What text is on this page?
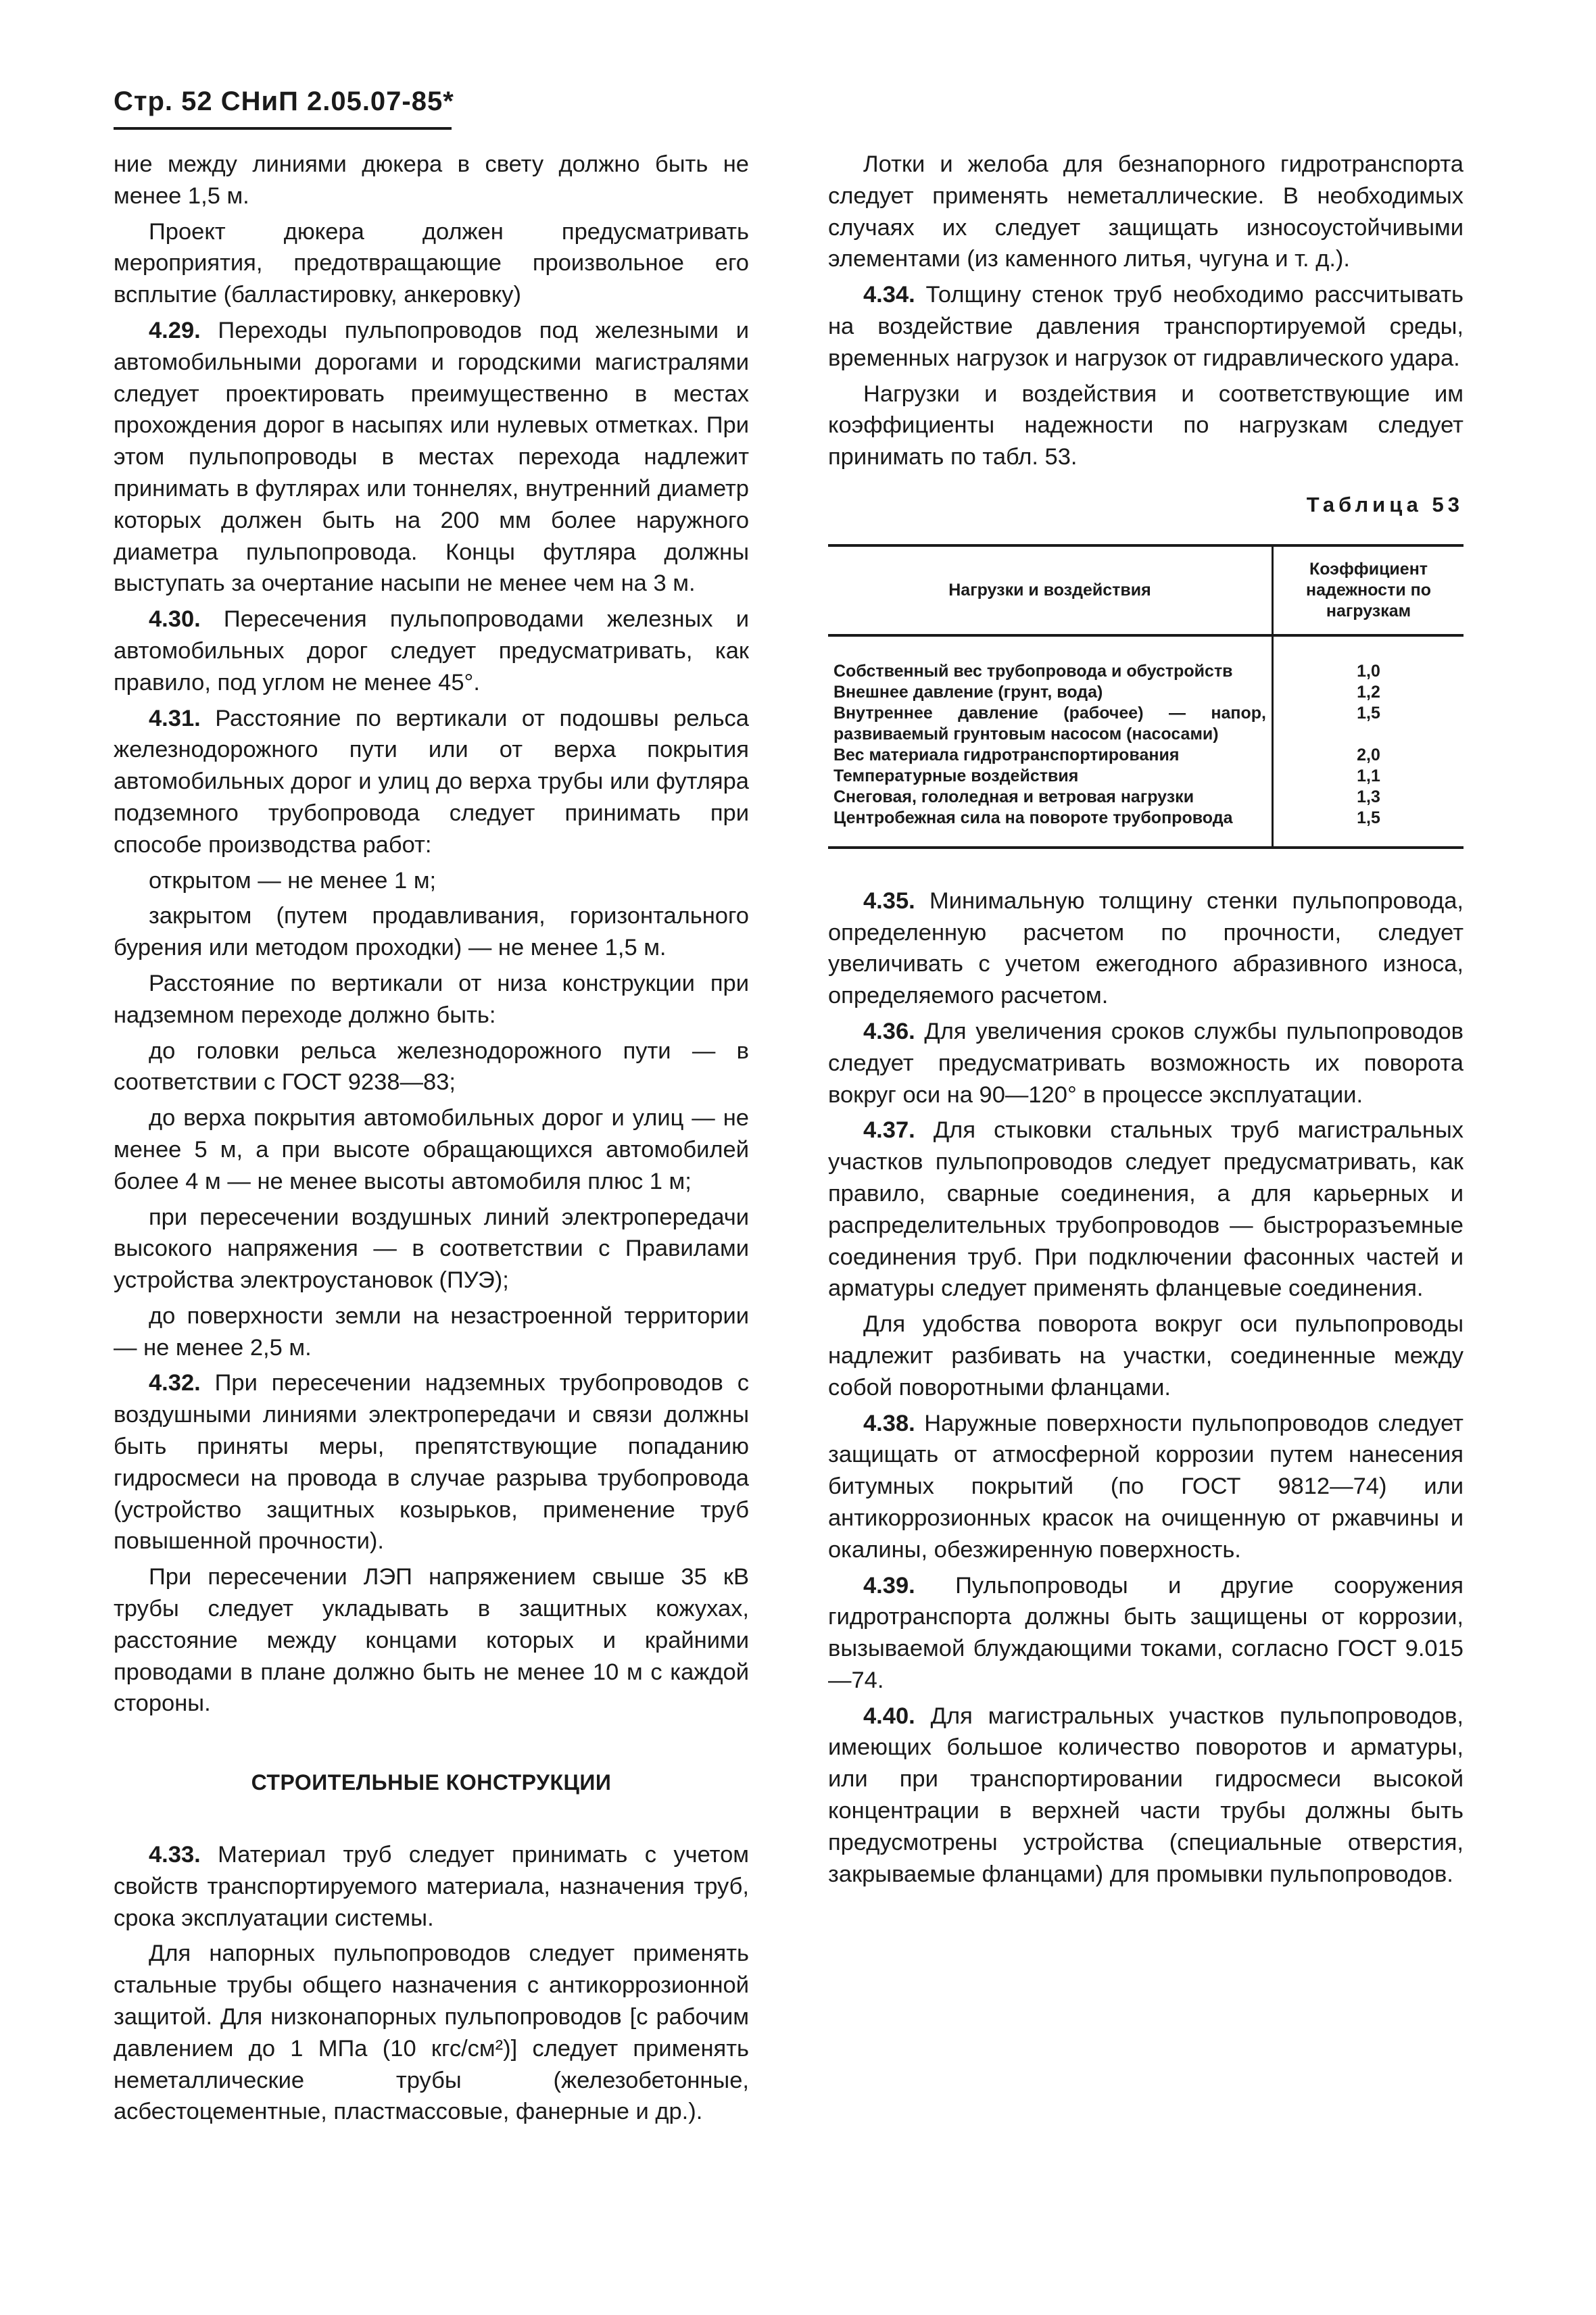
Стр. 52 СНиП 2.05.07-85*

ние между линиями дюкера в свету должно быть не менее 1,5 м.

Проект дюкера должен предусматривать мероприятия, предотвращающие произвольное его всплытие (балластировку, анкеровку)

4.29. Переходы пульпопроводов под железными и автомобильными дорогами и городскими магистралями следует проектировать преимущественно в местах прохождения дорог в насыпях или нулевых отметках. При этом пульпопроводы в местах перехода надлежит принимать в футлярах или тоннелях, внутренний диаметр которых должен быть на 200 мм более наружного диаметра пульпопровода. Концы футляра должны выступать за очертание насыпи не менее чем на 3 м.

4.30. Пересечения пульпопроводами железных и автомобильных дорог следует предусматривать, как правило, под углом не менее 45°.

4.31. Расстояние по вертикали от подошвы рельса железнодорожного пути или от верха покрытия автомобильных дорог и улиц до верха трубы или футляра подземного трубопровода следует принимать при способе производства работ:

открытом — не менее 1 м;

закрытом (путем продавливания, горизонтального бурения или методом проходки) — не менее 1,5 м.

Расстояние по вертикали от низа конструкции при надземном переходе должно быть:

до головки рельса железнодорожного пути — в соответствии с ГОСТ 9238—83;

до верха покрытия автомобильных дорог и улиц — не менее 5 м, а при высоте обращающихся автомобилей более 4 м — не менее высоты автомобиля плюс 1 м;

при пересечении воздушных линий электропередачи высокого напряжения — в соответствии с Правилами устройства электроустановок (ПУЭ);

до поверхности земли на незастроенной территории — не менее 2,5 м.

4.32. При пересечении надземных трубопроводов с воздушными линиями электропередачи и связи должны быть приняты меры, препятствующие попаданию гидросмеси на провода в случае разрыва трубопровода (устройство защитных козырьков, применение труб повышенной прочности).

При пересечении ЛЭП напряжением свыше 35 кВ трубы следует укладывать в защитных кожухах, расстояние между концами которых и крайними проводами в плане должно быть не менее 10 м с каждой стороны.

СТРОИТЕЛЬНЫЕ КОНСТРУКЦИИ

4.33. Материал труб следует принимать с учетом свойств транспортируемого материала, назначения труб, срока эксплуатации системы.

Для напорных пульпопроводов следует применять стальные трубы общего назначения с антикоррозионной защитой. Для низконапорных пульпопроводов [с рабочим давлением до 1 МПа (10 кгс/см²)] следует применять неметаллические трубы (железобетонные, асбестоцементные, пластмассовые, фанерные и др.).

Лотки и желоба для безнапорного гидротранспорта следует применять неметаллические. В необходимых случаях их следует защищать износоустойчивыми элементами (из каменного литья, чугуна и т. д.).

4.34. Толщину стенок труб необходимо рассчитывать на воздействие давления транспортируемой среды, временных нагрузок и нагрузок от гидравлического удара.

Нагрузки и воздействия и соответствующие им коэффициенты надежности по нагрузкам следует принимать по табл. 53.

Таблица 53
Нагрузки и воздействия	Коэффициент надежности по нагрузкам
Собственный вес трубопровода и обустройств	1,0
Внешнее давление (грунт, вода)	1,2
Внутреннее давление (рабочее) — напор, развиваемый грунтовым насосом (насосами)	1,5
Вес материала гидротранспортирования	2,0
Температурные воздействия	1,1
Снеговая, гололедная и ветровая нагрузки	1,3
Центробежная сила на повороте трубопровода	1,5

4.35. Минимальную толщину стенки пульпопровода, определенную расчетом по прочности, следует увеличивать с учетом ежегодного абразивного износа, определяемого расчетом.

4.36. Для увеличения сроков службы пульпопроводов следует предусматривать возможность их поворота вокруг оси на 90—120° в процессе эксплуатации.

4.37. Для стыковки стальных труб магистральных участков пульпопроводов следует предусматривать, как правило, сварные соединения, а для карьерных и распределительных трубопроводов — быстроразъемные соединения труб. При подключении фасонных частей и арматуры следует применять фланцевые соединения.

Для удобства поворота вокруг оси пульпопроводы надлежит разбивать на участки, соединенные между собой поворотными фланцами.

4.38. Наружные поверхности пульпопроводов следует защищать от атмосферной коррозии путем нанесения битумных покрытий (по ГОСТ 9812—74) или антикоррозионных красок на очищенную от ржавчины и окалины, обезжиренную поверхность.

4.39. Пульпопроводы и другие сооружения гидротранспорта должны быть защищены от коррозии, вызываемой блуждающими токами, согласно ГОСТ 9.015—74.

4.40. Для магистральных участков пульпопроводов, имеющих большое количество поворотов и арматуры, или при транспортировании гидросмеси высокой концентрации в верхней части трубы должны быть предусмотрены устройства (специальные отверстия, закрываемые фланцами) для промывки пульпопроводов.
